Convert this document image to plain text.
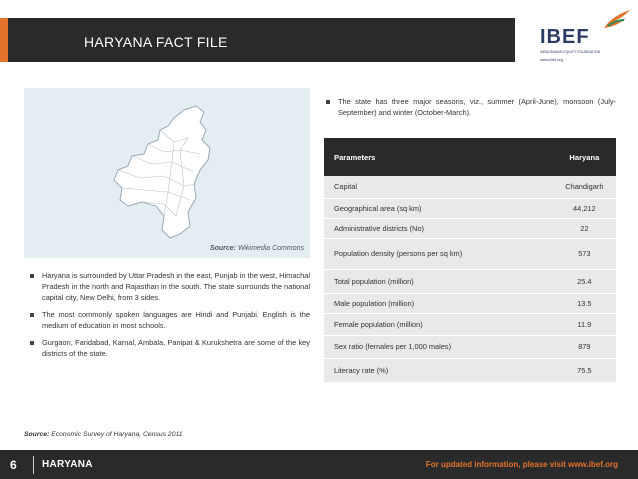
HARYANA FACT FILE	IBEF
INDIA BRAND EQUITY FOUNDATION
www.ibef.org
Source: Wikimedia Commons
Haryana is surrounded by Uttar Pradesh in the east, Punjab in the west, Himachal Pradesh in the north and Rajasthan in the south. The state surrounds the national capital city, New Delhi, from 3 sides.
The most commonly spoken languages are Hindi and Punjabi. English is the medium of education in most schools.
Gurgaon, Faridabad, Karnal, Ambala, Panipat & Kurukshetra are some of the key districts of the state.
The state has three major seasons, viz., summer (April-June), monsoon (July-September) and winter (October-March).
Parameters	Haryana
Capital	Chandigarh
Geographical area (sq km)	44,212
Administrative districts (No)	22
Population density (persons per sq km)	573
Total population (million)	25.4
Male population (million)	13.5
Female population (million)	11.9
Sex ratio (females per 1,000 males)	879
Literacy rate (%)	75.5
Source: Economic Survey of Haryana, Census 2011
6	HARYANA	For updated information, please visit www.ibef.org
